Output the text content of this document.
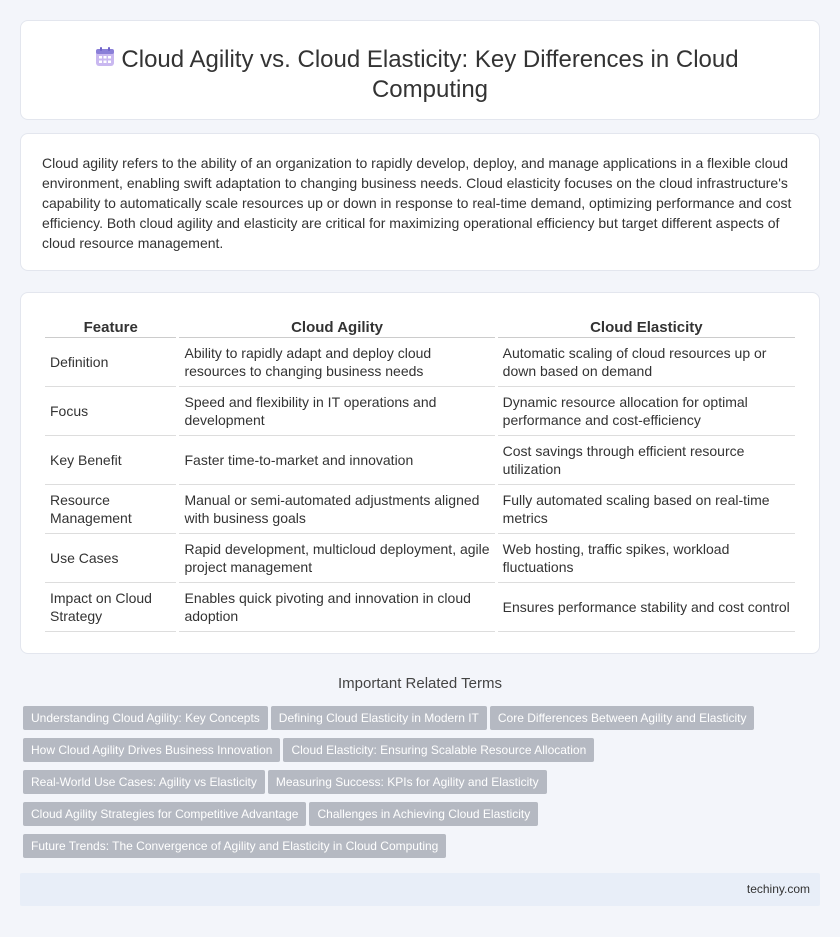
Cloud Agility vs. Cloud Elasticity: Key Differences in Cloud Computing

Cloud agility refers to the ability of an organization to rapidly develop, deploy, and manage applications in a flexible cloud environment, enabling swift adaptation to changing business needs. Cloud elasticity focuses on the cloud infrastructure's capability to automatically scale resources up or down in response to real-time demand, optimizing performance and cost efficiency. Both cloud agility and elasticity are critical for maximizing operational efficiency but target different aspects of cloud resource management.

Feature	Cloud Agility	Cloud Elasticity
Definition	Ability to rapidly adapt and deploy cloud resources to changing business needs	Automatic scaling of cloud resources up or down based on demand
Focus	Speed and flexibility in IT operations and development	Dynamic resource allocation for optimal performance and cost-efficiency
Key Benefit	Faster time-to-market and innovation	Cost savings through efficient resource utilization
Resource Management	Manual or semi-automated adjustments aligned with business goals	Fully automated scaling based on real-time metrics
Use Cases	Rapid development, multicloud deployment, agile project management	Web hosting, traffic spikes, workload fluctuations
Impact on Cloud Strategy	Enables quick pivoting and innovation in cloud adoption	Ensures performance stability and cost control
Important Related Terms
Understanding Cloud Agility: Key Concepts Defining Cloud Elasticity in Modern IT Core Differences Between Agility and Elasticity
How Cloud Agility Drives Business Innovation Cloud Elasticity: Ensuring Scalable Resource Allocation
Real-World Use Cases: Agility vs Elasticity Measuring Success: KPIs for Agility and Elasticity
Cloud Agility Strategies for Competitive Advantage Challenges in Achieving Cloud Elasticity
Future Trends: The Convergence of Agility and Elasticity in Cloud Computing
techiny.com
